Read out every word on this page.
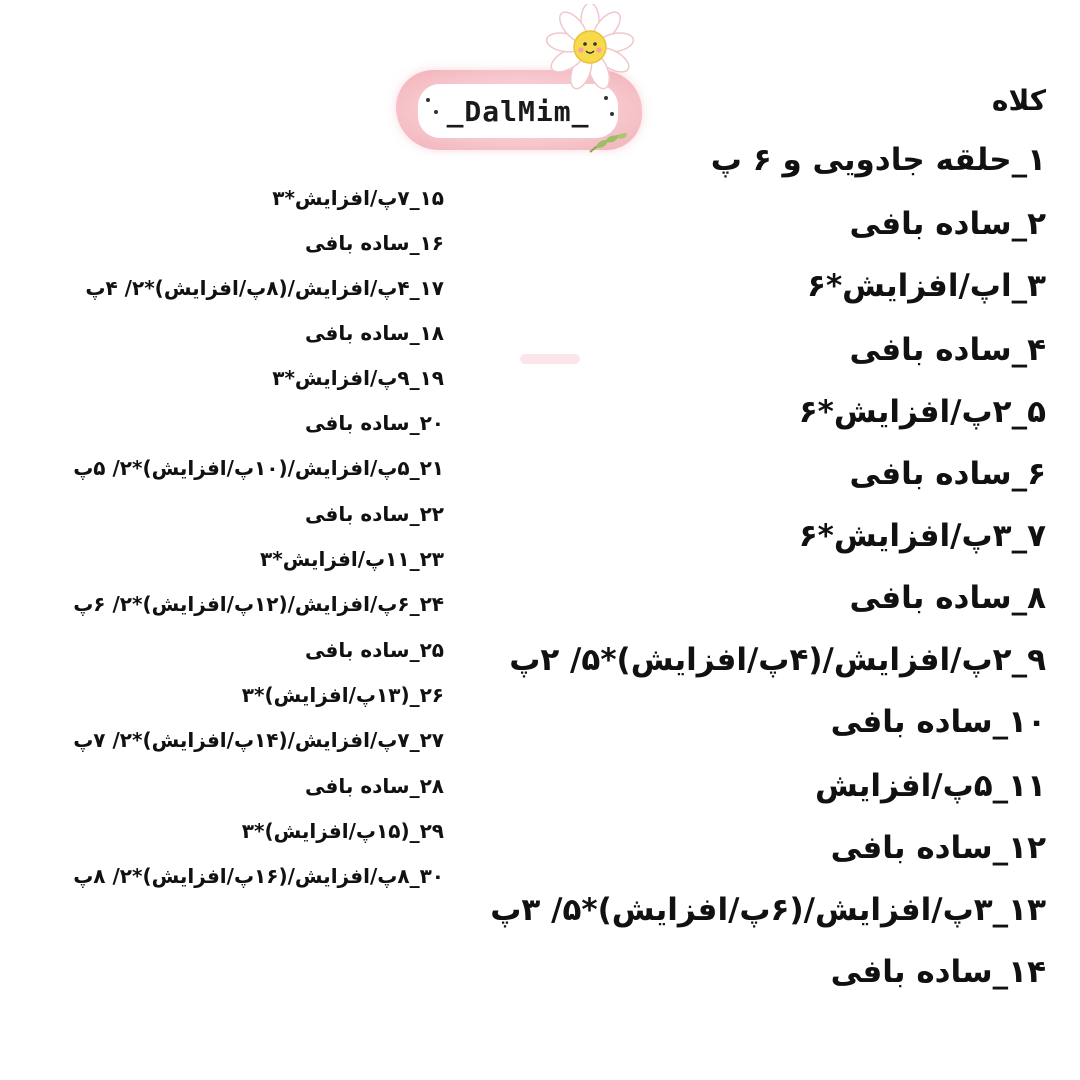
_DalMim_	کلاه
۱_حلقه جادویی و ۶ پ
۲_ساده بافی
۳_اپ/افزایش*۶
۴_ساده بافی
۵_۲پ/افزایش*۶
۶_ساده بافی
۷_۳پ/افزایش*۶
۸_ساده بافی
۹_۲پ/افزایش/(۴پ/افزایش)*۵/ ۲پ
۱۰_ساده بافی
۱۱_۵پ/افزایش
۱۲_ساده بافی
۱۳_۳پ/افزایش/(۶پ/افزایش)*۵/ ۳پ
۱۴_ساده بافی
۱۵_۷پ/افزایش*۳
۱۶_ساده بافی
۱۷_۴پ/افزایش/(۸پ/افزایش)*۲/ ۴پ
۱۸_ساده بافی
۱۹_۹پ/افزایش*۳
۲۰_ساده بافی
۲۱_۵پ/افزایش/(۱۰پ/افزایش)*۲/ ۵پ
۲۲_ساده بافی
۲۳_۱۱پ/افزایش*۳
۲۴_۶پ/افزایش/(۱۲پ/افزایش)*۲/ ۶پ
۲۵_ساده بافی
۲۶_(۱۳پ/افزایش)*۳
۲۷_۷پ/افزایش/(۱۴پ/افزایش)*۲/ ۷پ
۲۸_ساده بافی
۲۹_(۱۵پ/افزایش)*۳
۳۰_۸پ/افزایش/(۱۶پ/افزایش)*۲/ ۸پ
